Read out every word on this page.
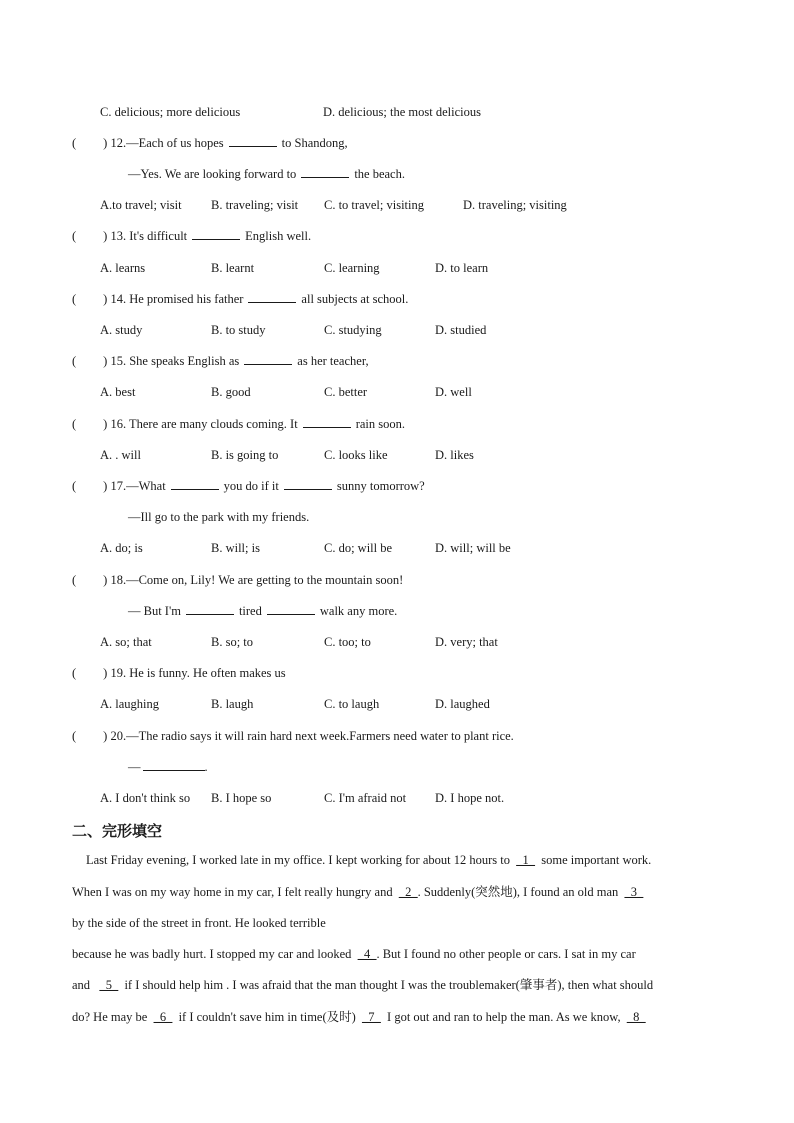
C. delicious; more delicious	D. delicious; the most delicious
( ) 12.—Each of us hopes	to Shandong,
—Yes. We are looking forward to	the beach.
A.to travel; visit B. traveling; visit C. to travel; visiting	D. traveling; visiting
( ) 13. It's difficult	English well.
A. learns	B. learnt	C. learning	D. to learn
( ) 14. He promised his father	all subjects at school.
A. study	B. to study	C. studying	D. studied
( ) 15. She speaks English as	as her teacher,
A. best	B. good	C. better	D. well
( ) 16. There are many clouds coming. It	rain soon.
A. . will	B. is going to	C. looks like	D. likes
( ) 17.—What	you do if it	sunny tomorrow?
—Ill go to the park with my friends.
A. do; is	B. will; is	C. do; will be	D. will; will be
( ) 18.—Come on, Lily! We are getting to the mountain soon!
— But I'm	tired	walk any more.
A. so; that	B. so; to	C. too; to	D. very; that
( ) 19. He is funny. He often makes us
A. laughing	B. laugh	C. to laugh	D. laughed
( ) 20.—The radio says it will rain hard next week.Farmers need water to plant rice.
—	.
A. I don't think so B. I hope so	C. I'm afraid not D. I hope not.
二、完形填空
Last Friday evening, I worked late in my office. I kept working for about 12 hours to _1_ some important work.
When I was on my way home in my car, I felt really hungry and _2_. Suddenly(突然地), I found an old man _3_
by the side of the street in front. He looked terrible
because he was badly hurt. I stopped my car and looked _4_. But I found no other people or cars. I sat in my car
and _5_ if I should help him . I was afraid that the man thought I was the troublemaker(肇事者), then what should
do? He may be _6_ if I couldn't save him in time(及时) _7_ I got out and ran to help the man. As we know, _8_
